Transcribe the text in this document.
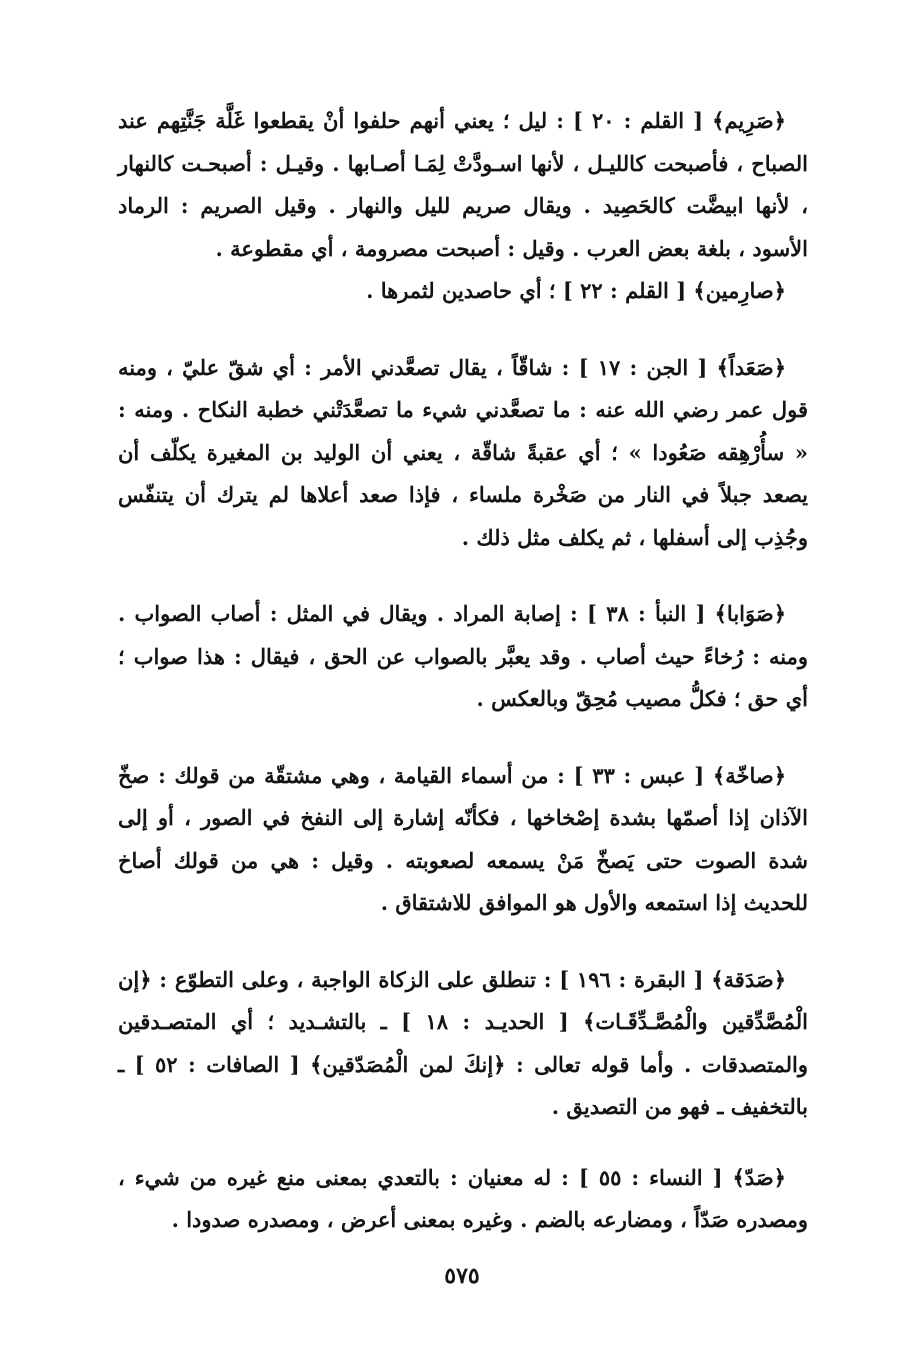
﴿صَرِيم﴾ [ القلم : ٢٠ ] : ليل ؛ يعني أنهم حلفوا أنْ يقطعوا غَلَّة جَنَّتِهم عند الصباح ، فأصبحت كالليـل ، لأنها اسـودَّتْ لِمَـا أصـابها . وقيـل : أصبحـت كالنهار ، لأنها ابيضَّت كالحَصِيد . ويقال صريم لليل والنهار . وقيل الصريم : الرماد الأسود ، بلغة بعض العرب . وقيل : أصبحت مصرومة ، أي مقطوعة .

﴿صارِمين﴾ [ القلم : ٢٢ ] ؛ أي حاصدين لثمرها .

﴿صَعَداً﴾ [ الجن : ١٧ ] : شاقّاً ، يقال تصعَّدني الأمر : أي شقّ عليّ ، ومنه قول عمر رضي الله عنه : ما تصعَّدني شيء ما تصعَّدَتْني خطبة النكاح . ومنه : « سأُرْهِقه صَعُودا » ؛ أي عقبةً شاقّة ، يعني أن الوليد بن المغيرة يكلّف أن يصعد جبلاً في النار من صَخْرة ملساء ، فإذا صعد أعلاها لم يترك أن يتنفّس وجُذِب إلى أسفلها ، ثم يكلف مثل ذلك .

﴿صَوَابا﴾ [ النبأ : ٣٨ ] : إصابة المراد . ويقال في المثل : أصاب الصواب . ومنه : رُخاءً حيث أصاب . وقد يعبَّر بالصواب عن الحق ، فيقال : هذا صواب ؛ أي حق ؛ فكلُّ مصيب مُحِقّ وبالعكس .

﴿صاخّة﴾ [ عبس : ٣٣ ] : من أسماء القيامة ، وهي مشتقّة من قولك : صخّ الآذان إذا أصمّها بشدة إصْخاخها ، فكأنّه إشارة إلى النفخ في الصور ، أو إلى شدة الصوت حتى يَصخّ مَنْ يسمعه لصعوبته . وقيل : هي من قولك أصاخ للحديث إذا استمعه والأول هو الموافق للاشتقاق .

﴿صَدَقة﴾ [ البقرة : ١٩٦ ] : تنطلق على الزكاة الواجبة ، وعلى التطوّع : ﴿إن الْمُصَّدِّقين والْمُصَّـدِّقَـات﴾ [ الحديـد : ١٨ ] ـ بالتشـديد ؛ أي المتصـدقين والمتصدقات . وأما قوله تعالى : ﴿إنكَ لمن الْمُصَدّقين﴾ [ الصافات : ٥٢ ] ـ بالتخفيف ـ فهو من التصديق .

﴿صَدّ﴾ [ النساء : ٥٥ ] : له معنيان : بالتعدي بمعنى منع غيره من شيء ، ومصدره صَدّاً ، ومضارعه بالضم . وغيره بمعنى أعرض ، ومصدره صدودا .

٥٧٥
